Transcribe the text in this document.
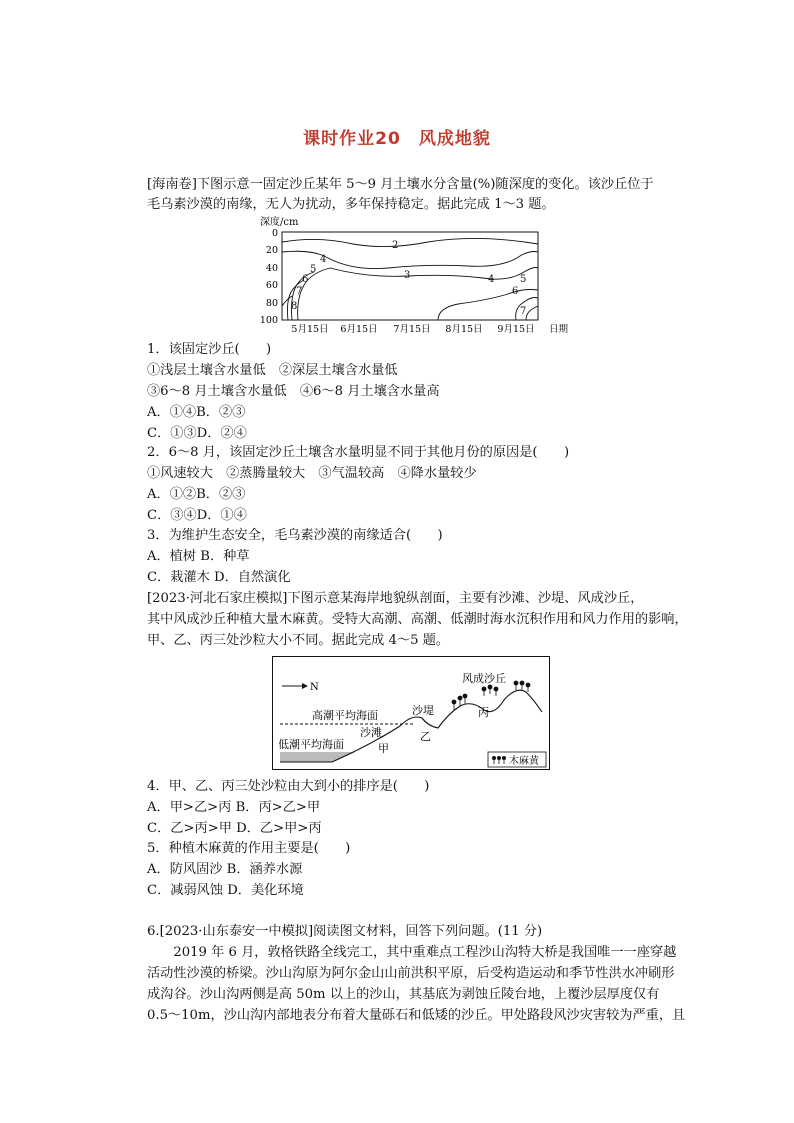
课时作业20　风成地貌
[海南卷]下图示意一固定沙丘某年 5～9 月土壤水分含量(%)随深度的变化。该沙丘位于
毛乌素沙漠的南缘，无人为扰动，多年保持稳定。据此完成 1～3 题。
深度/cm
0
20
40
60
80
100
5月15日 6月15日 7月15日 8月15日 9月15日 日期
2
3
4
4
5
5
6
6
7
7
8
1．该固定沙丘(　　)
①浅层土壤含水量低　②深层土壤含水量低
③6～8 月土壤含水量低　④6～8 月土壤含水量高
A．①④B．②③
C．①③D．②④
2．6～8 月，该固定沙丘土壤含水量明显不同于其他月份的原因是(　　)
①风速较大　②蒸腾量较大　③气温较高　④降水量较少
A．①②B．②③
C．③④D．①④
3．为维护生态安全，毛乌素沙漠的南缘适合(　　)
A．植树 B．种草
C．栽灌木 D．自然演化
[2023·河北石家庄模拟]下图示意某海岸地貌纵剖面，主要有沙滩、沙堤、风成沙丘，
其中风成沙丘种植大量木麻黄。受特大高潮、高潮、低潮时海水沉积作用和风力作用的影响，
甲、乙、丙三处沙粒大小不同。据此完成 4～5 题。
N
风成沙丘
高潮平均海面	沙堤
沙滩
低潮平均海面	甲
乙
丙
木麻黄
4．甲、乙、丙三处沙粒由大到小的排序是(　　)
A．甲>乙>丙 B．丙>乙>甲
C．乙>丙>甲 D．乙>甲>丙
5．种植木麻黄的作用主要是(　　)
A．防风固沙 B．涵养水源
C．减弱风蚀 D．美化环境
6.[2023·山东泰安一中模拟]阅读图文材料，回答下列问题。(11 分)
　　2019 年 6 月，敦格铁路全线完工，其中重难点工程沙山沟特大桥是我国唯一一座穿越
活动性沙漠的桥梁。沙山沟原为阿尔金山山前洪积平原，后受构造运动和季节性洪水冲刷形
成沟谷。沙山沟两侧是高 50m 以上的沙山，其基底为剥蚀丘陵台地，上覆沙层厚度仅有
0.5～10m，沙山沟内部地表分布着大量砾石和低矮的沙丘。甲处路段风沙灾害较为严重，且
